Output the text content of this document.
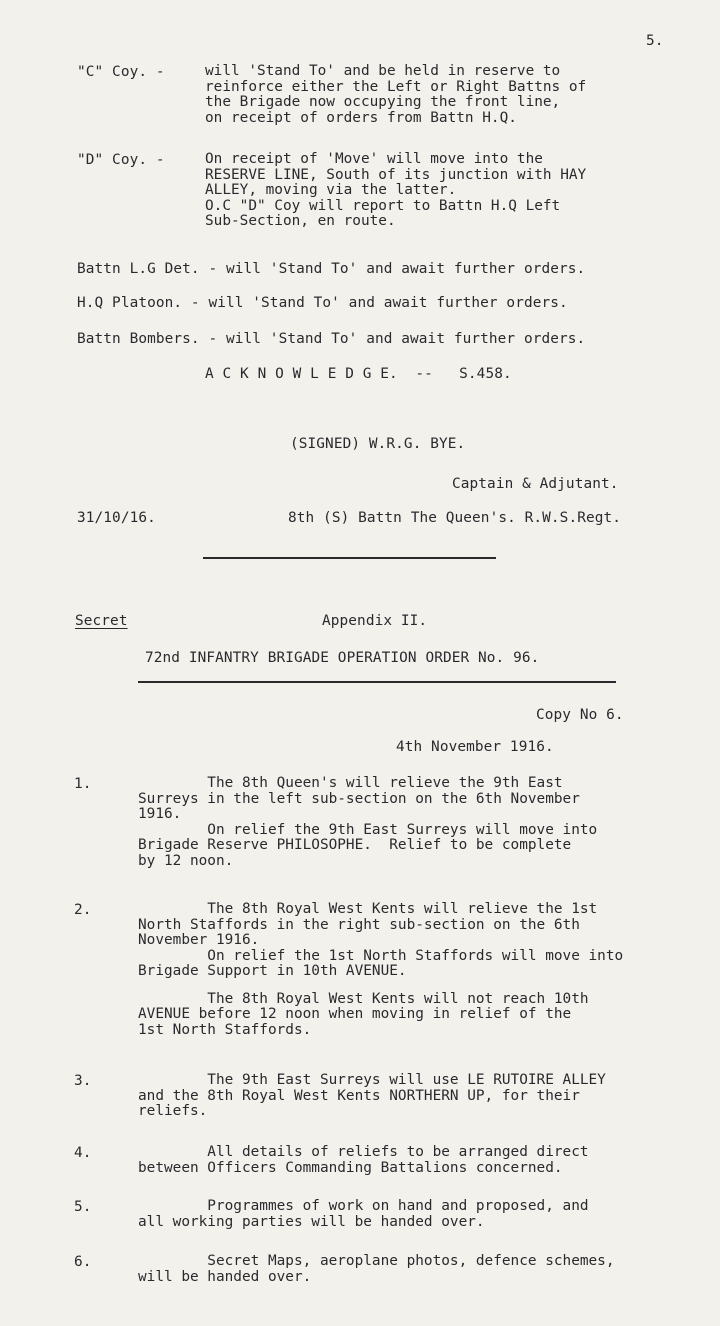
5.
"C" Coy. -	will 'Stand To' and be held in reserve to
reinforce either the Left or Right Battns of
the Brigade now occupying the front line,
on receipt of orders from Battn H.Q.
"D" Coy. -	On receipt of 'Move' will move into the
RESERVE LINE, South of its junction with HAY
ALLEY, moving via the latter.
O.C "D" Coy will report to Battn H.Q Left
Sub-Section, en route.
Battn L.G Det. - will 'Stand To' and await further orders.
H.Q Platoon. - will 'Stand To' and await further orders.
Battn Bombers. - will 'Stand To' and await further orders.
A C K N O W L E D G E.  --   S.458.
(SIGNED) W.R.G. BYE.
Captain & Adjutant.
31/10/16.	8th (S) Battn The Queen's. R.W.S.Regt.
Secret	Appendix II.
72nd INFANTRY BRIGADE OPERATION ORDER No. 96.
Copy No 6.
4th November 1916.
1.	The 8th Queen's will relieve the 9th East
Surreys in the left sub-section on the 6th November
1916.
On relief the 9th East Surreys will move into
Brigade Reserve PHILOSOPHE.  Relief to be complete
by 12 noon.
2.	The 8th Royal West Kents will relieve the 1st
North Staffords in the right sub-section on the 6th
November 1916.
On relief the 1st North Staffords will move into
Brigade Support in 10th AVENUE.
The 8th Royal West Kents will not reach 10th
AVENUE before 12 noon when moving in relief of the
1st North Staffords.
3.	The 9th East Surreys will use LE RUTOIRE ALLEY
and the 8th Royal West Kents NORTHERN UP, for their
reliefs.
4.	All details of reliefs to be arranged direct
between Officers Commanding Battalions concerned.
5.	Programmes of work on hand and proposed, and
all working parties will be handed over.
6.	Secret Maps, aeroplane photos, defence schemes,
will be handed over.
